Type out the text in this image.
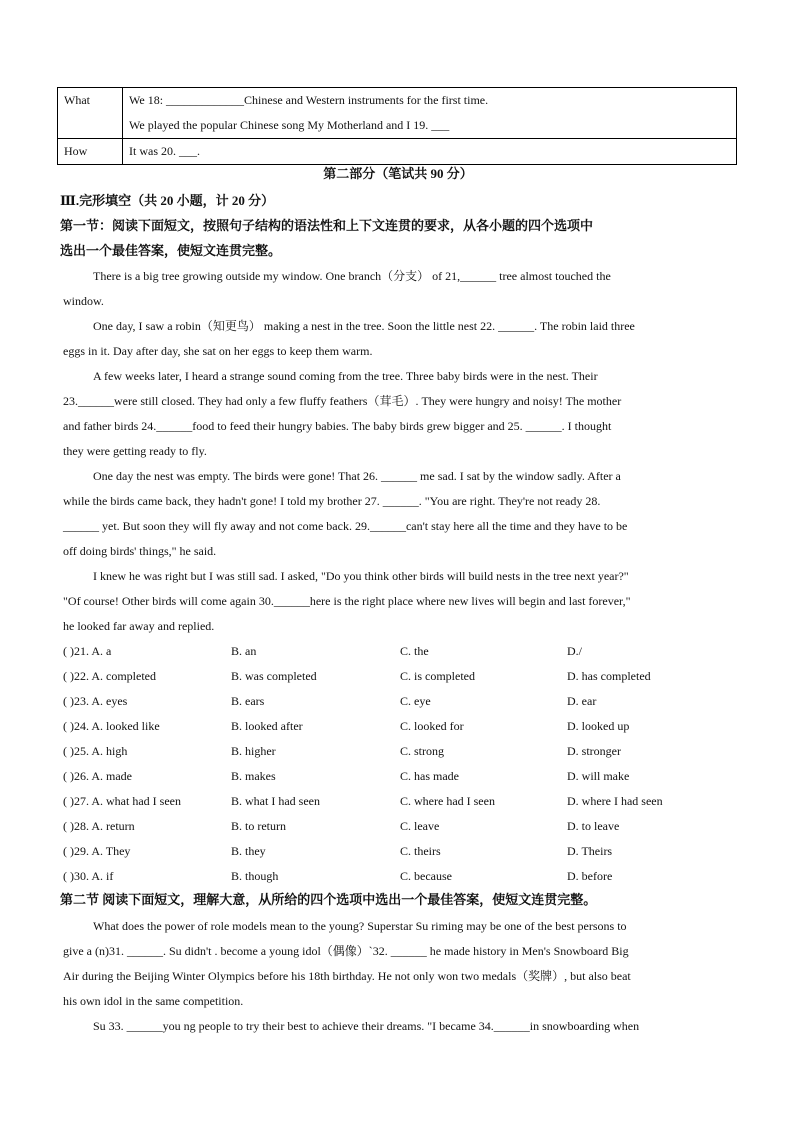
What	We 18: _____________Chinese and Western instruments for the first time.
We played the popular Chinese song My Motherland and I 19. ___

How	It was 20. ___.
第二部分（笔试共 90 分）
Ⅲ.完形填空（共 20 小题，计 20 分）
第一节：阅读下面短文，按照句子结构的语法性和上下文连贯的要求，从各小题的四个选项中
选出一个最佳答案，使短文连贯完整。
There is a big tree growing outside my window. One branch（分支） of 21,______ tree almost touched the
window.
One day, I saw a robin（知更鸟） making a nest in the tree. Soon the little nest 22. ______. The robin laid three
eggs in it. Day after day, she sat on her eggs to keep them warm.
A few weeks later, I heard a strange sound coming from the tree. Three baby birds were in the nest. Their
23.______were still closed. They had only a few fluffy feathers（茸毛）. They were hungry and noisy! The mother
and father birds 24.______food to feed their hungry babies. The baby birds grew bigger and 25. ______. I thought
they were getting ready to fly.
One day the nest was empty. The birds were gone! That 26. ______ me sad. I sat by the window sadly. After a
while the birds came back, they hadn't gone! I told my brother 27. ______. "You are right. They're not ready 28.
______ yet. But soon they will fly away and not come back. 29.______can't stay here all the time and they have to be
off doing birds' things," he said.
I knew he was right but I was still sad. I asked, "Do you think other birds will build nests in the tree next year?"
"Of course! Other birds will come again 30.______here is the right place where new lives will begin and last forever,"
he looked far away and replied.
( )21. A. a	B. an	C. the	D./
( )22. A. completed	B. was completed	C. is completed	D. has completed
( )23. A. eyes	B. ears	C. eye	D. ear
( )24. A. looked like	B. looked after	C. looked for	D. looked up
( )25. A. high	B. higher	C. strong	D. stronger
( )26. A. made	B. makes	C. has made	D. will make
( )27. A. what had I seen	B. what I had seen	C. where had I seen	D. where I had seen
( )28. A. return	B. to return	C. leave	D. to leave
( )29. A. They	B. they	C. theirs	D. Theirs
( )30. A. if	B. though	C. because	D. before
第二节 阅读下面短文，理解大意，从所给的四个选项中选出一个最佳答案，使短文连贯完整。
What does the power of role models mean to the young? Superstar Su riming may be one of the best persons to
give a (n)31. ______. Su didn't . become a young idol（偶像）`32. ______ he made history in Men's Snowboard Big
Air during the Beijing Winter Olympics before his 18th birthday. He not only won two medals（奖牌）, but also beat
his own idol in the same competition.
Su 33. ______you ng people to try their best to achieve their dreams. "I became 34.______in snowboarding when
